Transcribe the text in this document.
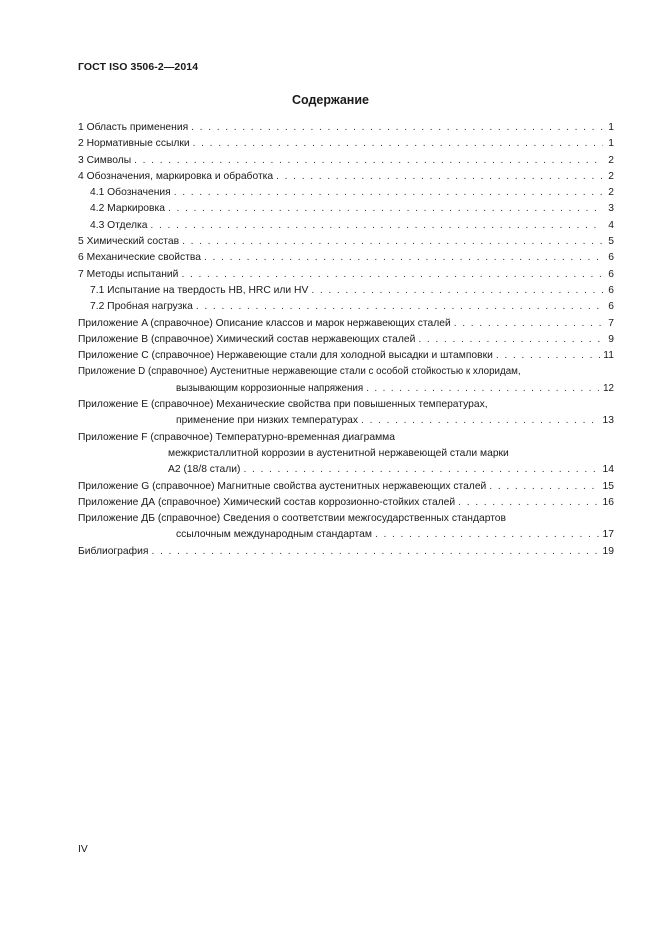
ГОСТ ISO 3506-2—2014
Содержание
1 Область применения . . .	1
2 Нормативные ссылки . . .	1
3 Символы . . .	2
4 Обозначения, маркировка и обработка . . .	2
4.1 Обозначения . . .	2
4.2 Маркировка . . .	3
4.3 Отделка . . .	4
5 Химический состав . . .	5
6 Механические свойства . . .	6
7 Методы испытаний . . .	6
7.1 Испытание на твердость HB, HRC или HV . . .	6
7.2 Пробная нагрузка . . .	6
Приложение A (справочное) Описание классов и марок нержавеющих сталей . . .	7
Приложение B (справочное) Химический состав нержавеющих сталей . . .	9
Приложение C (справочное) Нержавеющие стали для холодной высадки и штамповки . . .	11
Приложение D (справочное) Аустенитные нержавеющие стали с особой стойкостью к хлоридам,
вызывающим коррозионные напряжения . . .	12
Приложение E (справочное) Механические свойства при повышенных температурах,
применение при низких температурах . . .	13
Приложение F (справочное) Температурно-временная диаграмма
межкристаллитной коррозии в аустенитной нержавеющей стали марки
A2 (18/8 стали) . . .	14
Приложение G (справочное) Магнитные свойства аустенитных нержавеющих сталей . . .	15
Приложение ДА (справочное) Химический состав коррозионно-стойких сталей . . .	16
Приложение ДБ (справочное) Сведения о соответствии межгосударственных стандартов
ссылочным международным стандартам . . .	17
Библиография . . .	19
IV
